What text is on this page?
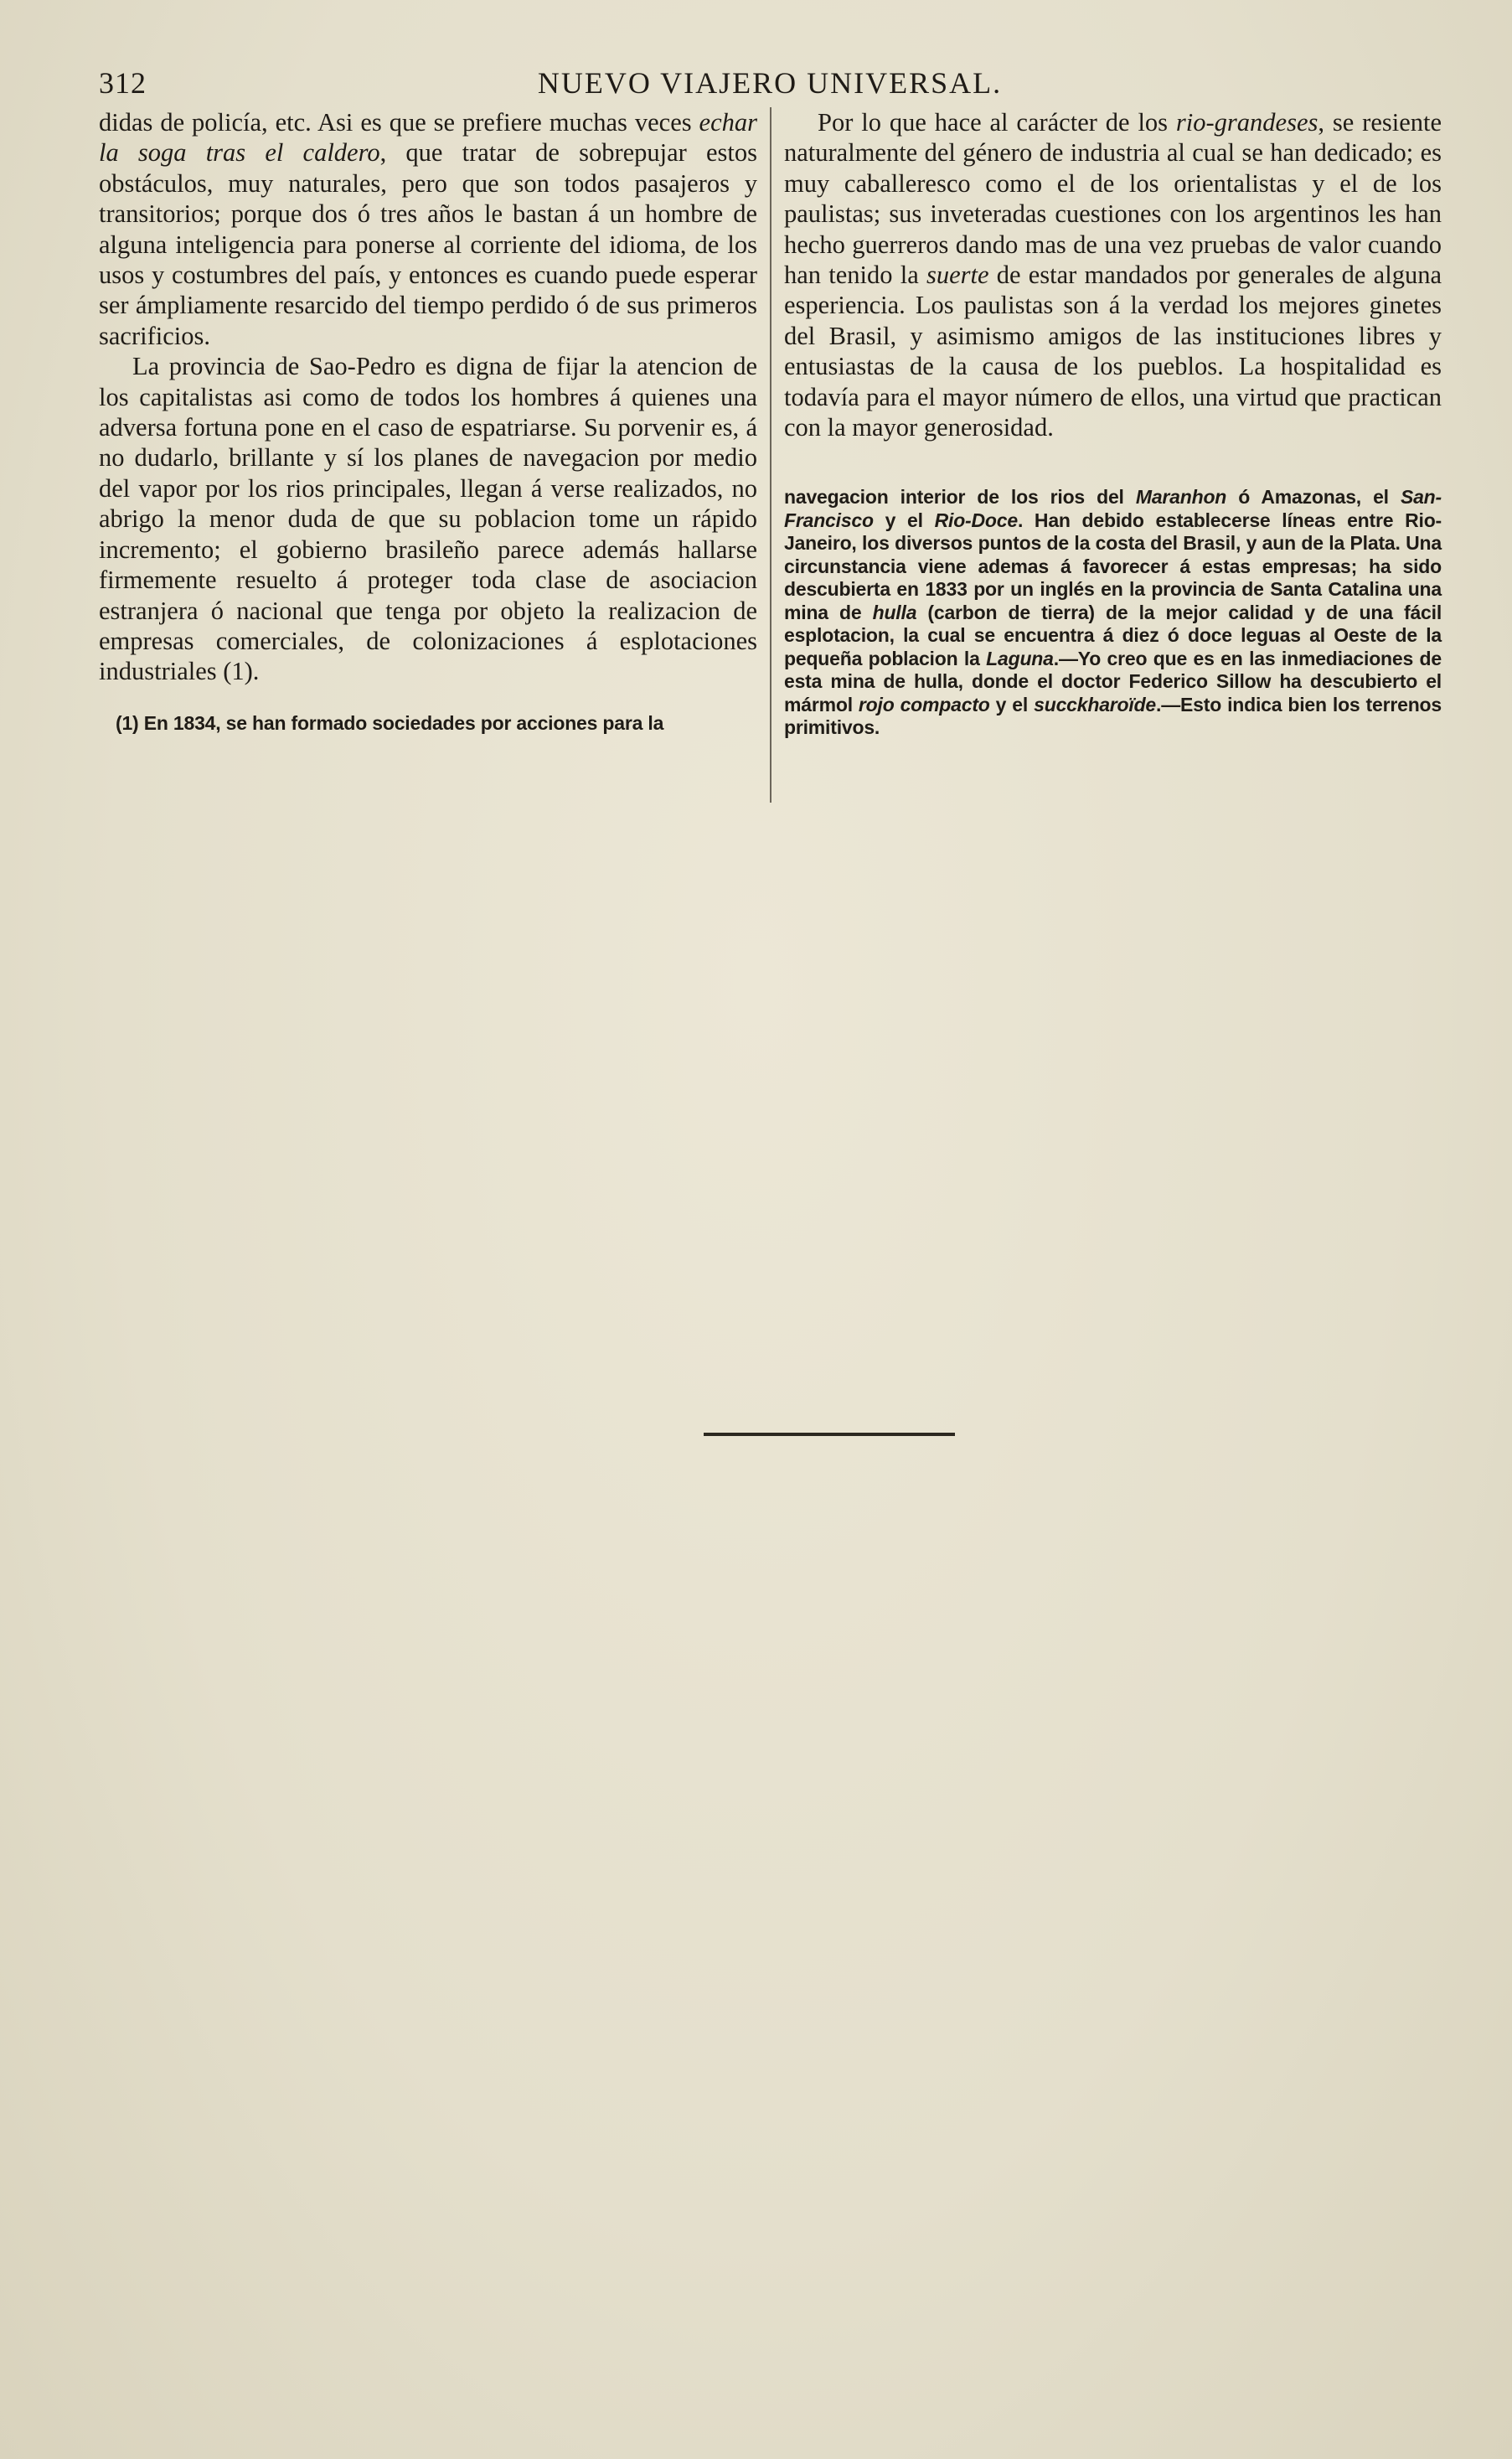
312	NUEVO VIAJERO UNIVERSAL.

didas de policía, etc. Asi es que se prefiere muchas veces echar la soga tras el caldero, que tratar de sobrepujar estos obstáculos, muy naturales, pero que son todos pasajeros y transitorios; porque dos ó tres años le bastan á un hombre de alguna inteligencia para ponerse al corriente del idioma, de los usos y costumbres del país, y entonces es cuando puede esperar ser ámpliamente resarcido del tiempo perdido ó de sus primeros sacrificios.

La provincia de Sao-Pedro es digna de fijar la atencion de los capitalistas asi como de todos los hombres á quienes una adversa fortuna pone en el caso de espatriarse. Su porvenir es, á no dudarlo, brillante y sí los planes de navegacion por medio del vapor por los rios principales, llegan á verse realizados, no abrigo la menor duda de que su poblacion tome un rápido incremento; el gobierno brasileño parece además hallarse firmemente resuelto á proteger toda clase de asociacion estranjera ó nacional que tenga por objeto la realizacion de empresas comerciales, de colonizaciones á esplotaciones industriales (1).

(1) En 1834, se han formado sociedades por acciones para la

Por lo que hace al carácter de los rio-grandeses, se resiente naturalmente del género de industria al cual se han dedicado; es muy caballeresco como el de los orientalistas y el de los paulistas; sus inveteradas cuestiones con los argentinos les han hecho guerreros dando mas de una vez pruebas de valor cuando han tenido la suerte de estar mandados por generales de alguna esperiencia. Los paulistas son á la verdad los mejores ginetes del Brasil, y asimismo amigos de las instituciones libres y entusiastas de la causa de los pueblos. La hospitalidad es todavía para el mayor número de ellos, una virtud que practican con la mayor generosidad.

navegacion interior de los rios del Maranhon ó Amazonas, el San-Francisco y el Rio-Doce. Han debido establecerse líneas entre Rio-Janeiro, los diversos puntos de la costa del Brasil, y aun de la Plata. Una circunstancia viene ademas á favorecer á estas empresas; ha sido descubierta en 1833 por un inglés en la provincia de Santa Catalina una mina de hulla (carbon de tierra) de la mejor calidad y de una fácil esplotacion, la cual se encuentra á diez ó doce leguas al Oeste de la pequeña poblacion la Laguna.—Yo creo que es en las inmediaciones de esta mina de hulla, donde el doctor Federico Sillow ha descubierto el mármol rojo compacto y el succkharoïde.—Esto indica bien los terrenos primitivos.
